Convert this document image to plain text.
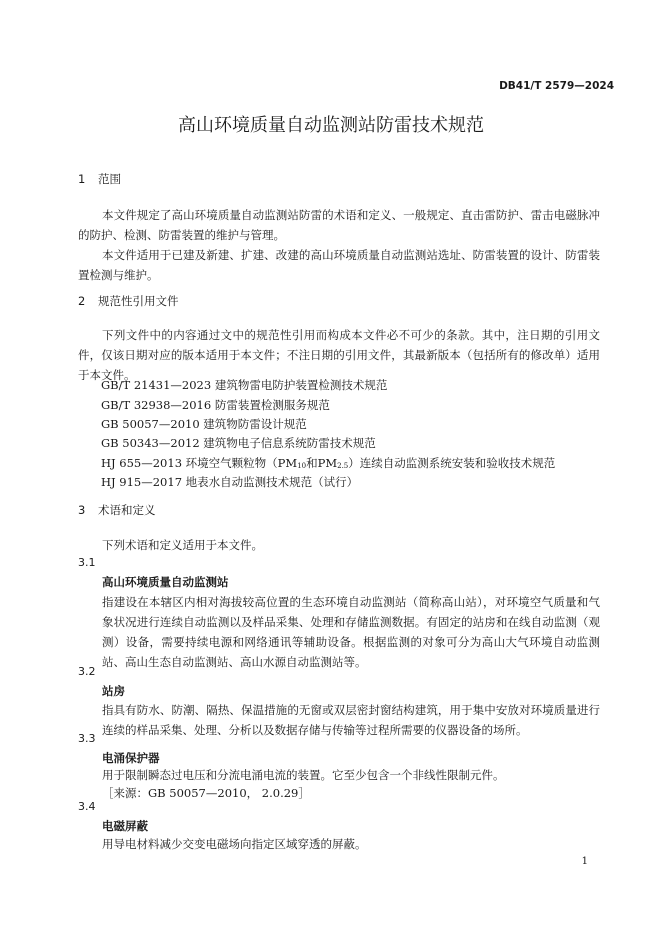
DB41/T 2579—2024
高山环境质量自动监测站防雷技术规范
1 范围
本文件规定了高山环境质量自动监测站防雷的术语和定义、一般规定、直击雷防护、雷击电磁脉冲的防护、检测、防雷装置的维护与管理。
本文件适用于已建及新建、扩建、改建的高山环境质量自动监测站选址、防雷装置的设计、防雷装置检测与维护。
2 规范性引用文件
下列文件中的内容通过文中的规范性引用而构成本文件必不可少的条款。其中，注日期的引用文件，仅该日期对应的版本适用于本文件；不注日期的引用文件，其最新版本（包括所有的修改单）适用于本文件。
GB/T 21431—2023 建筑物雷电防护装置检测技术规范
GB/T 32938—2016 防雷装置检测服务规范
GB 50057—2010 建筑物防雷设计规范
GB 50343—2012 建筑物电子信息系统防雷技术规范
HJ 655—2013 环境空气颗粒物（$PM_{10}$和$PM_{2.5}$）连续自动监测系统安装和验收技术规范
HJ 915—2017 地表水自动监测技术规范（试行）
3 术语和定义
下列术语和定义适用于本文件。
3.1
高山环境质量自动监测站
指建设在本辖区内相对海拔较高位置的生态环境自动监测站（简称高山站），对环境空气质量和气象状况进行连续自动监测以及样品采集、处理和存储监测数据。有固定的站房和在线自动监测（观测）设备，需要持续电源和网络通讯等辅助设备。根据监测的对象可分为高山大气环境自动监测站、高山生态自动监测站、高山水源自动监测站等。
3.2
站房
指具有防水、防潮、隔热、保温措施的无窗或双层密封窗结构建筑，用于集中安放对环境质量进行连续的样品采集、处理、分析以及数据存储与传输等过程所需要的仪器设备的场所。
3.3
电涌保护器
用于限制瞬态过电压和分流电涌电流的装置。它至少包含一个非线性限制元件。
［来源：GB 50057—2010， 2.0.29］
3.4
电磁屏蔽
用导电材料减少交变电磁场向指定区域穿透的屏蔽。
1
